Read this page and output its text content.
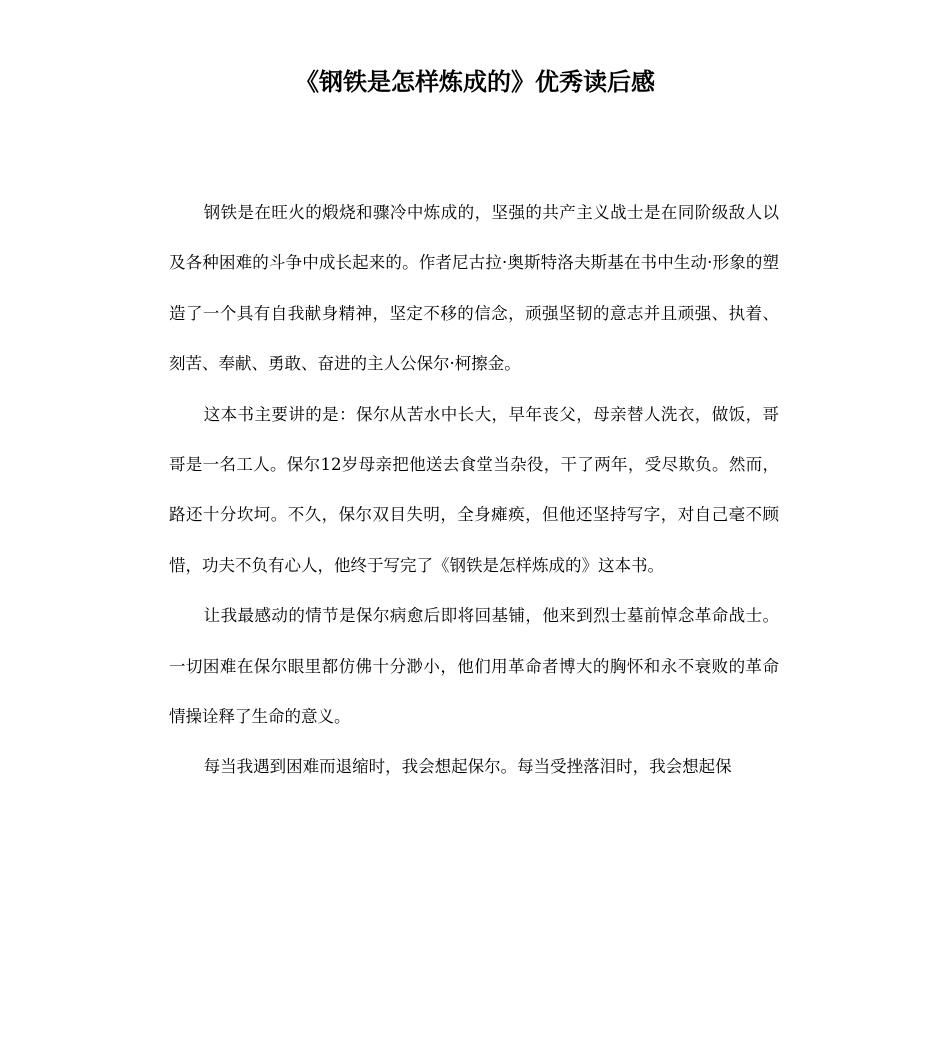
《钢铁是怎样炼成的》优秀读后感

钢铁是在旺火的煅烧和骤冷中炼成的，坚强的共产主义战士是在同阶级敌人以及各种困难的斗争中成长起来的。作者尼古拉·奥斯特洛夫斯基在书中生动·形象的塑造了一个具有自我献身精神，坚定不移的信念，顽强坚韧的意志并且顽强、执着、刻苦、奉献、勇敢、奋进的主人公保尔·柯擦金。

这本书主要讲的是：保尔从苦水中长大，早年丧父，母亲替人洗衣，做饭，哥哥是一名工人。保尔12岁母亲把他送去食堂当杂役，干了两年，受尽欺负。然而，路还十分坎坷。不久，保尔双目失明，全身瘫痪，但他还坚持写字，对自己毫不顾惜，功夫不负有心人，他终于写完了《钢铁是怎样炼成的》这本书。

让我最感动的情节是保尔病愈后即将回基铺，他来到烈士墓前悼念革命战士。一切困难在保尔眼里都仿佛十分渺小，他们用革命者博大的胸怀和永不衰败的革命情操诠释了生命的意义。

每当我遇到困难而退缩时，我会想起保尔。每当受挫落泪时，我会想起保
